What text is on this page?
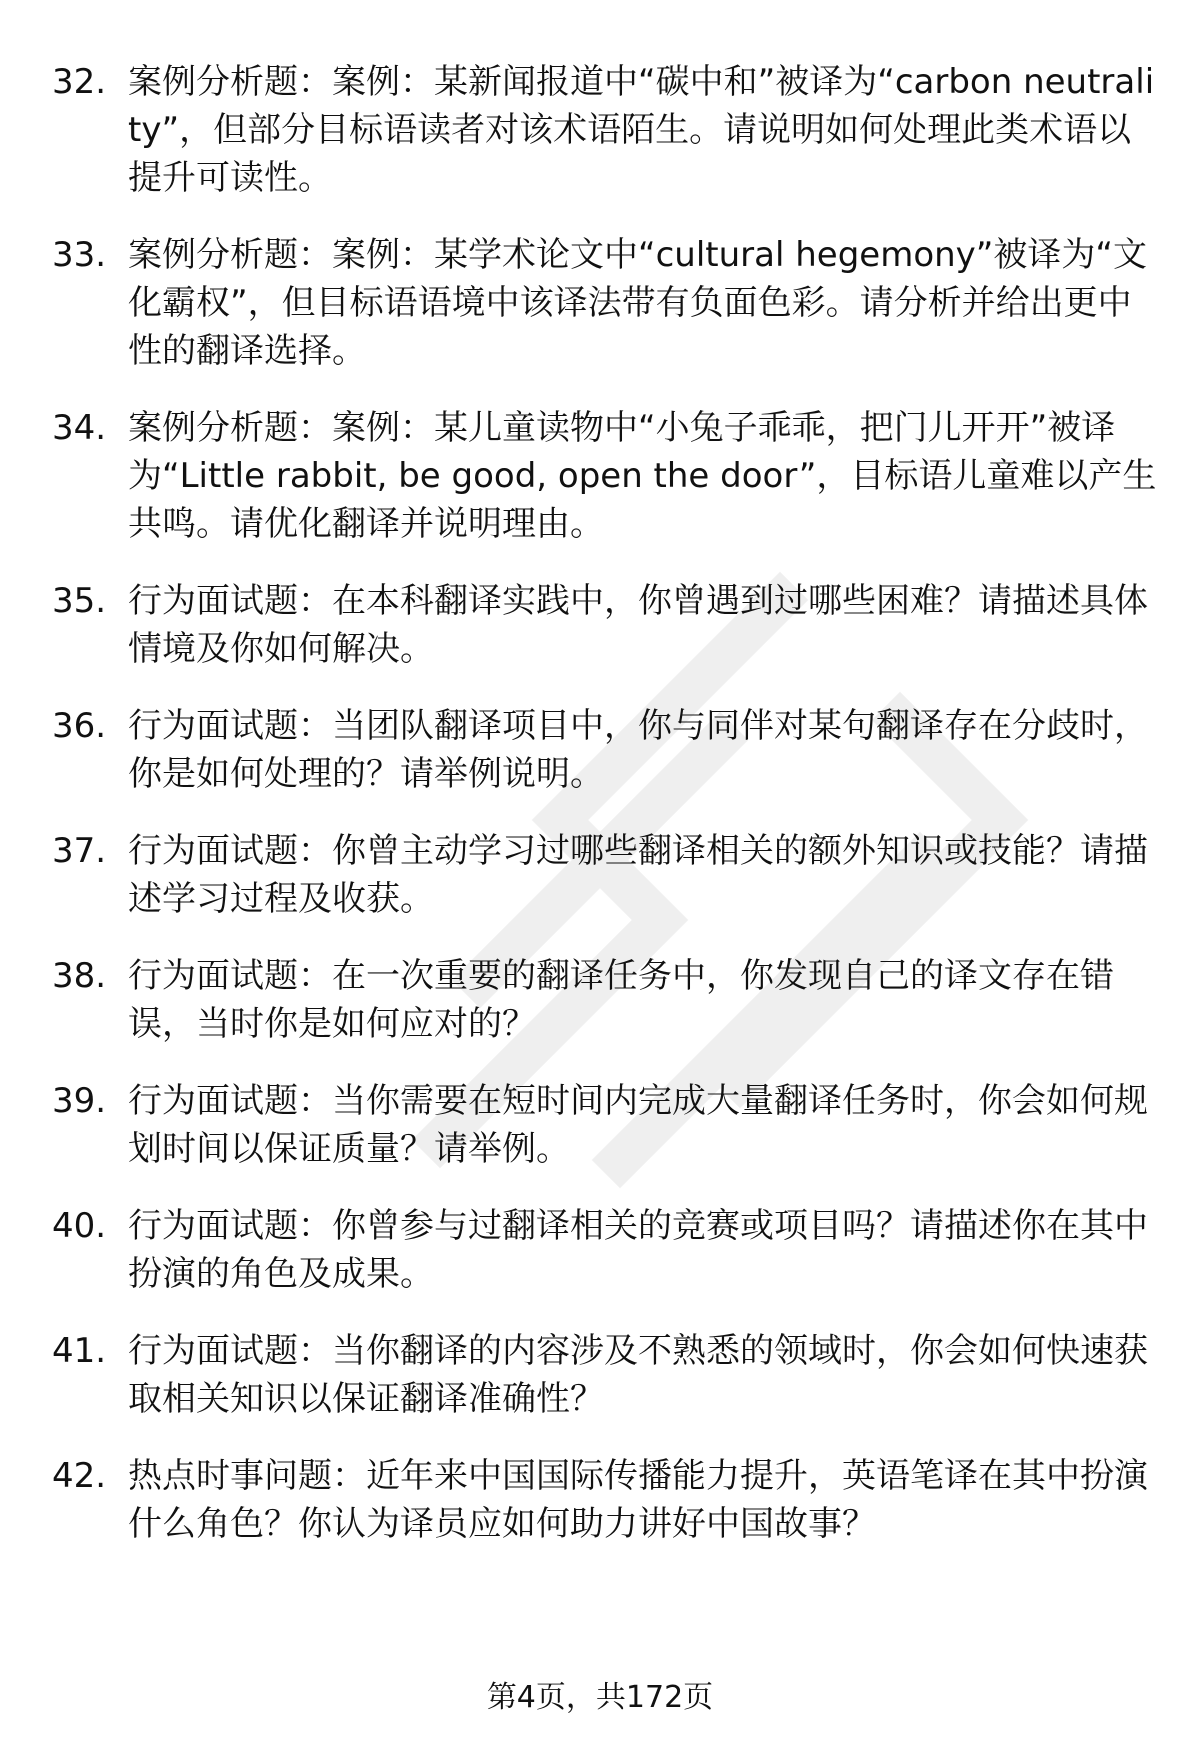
32. 案例分析题：案例：某新闻报道中“碳中和”被译为“carbon neutrality”，但部分目标语读者对该术语陌生。请说明如何处理此类术语以提升可读性。
33. 案例分析题：案例：某学术论文中“cultural hegemony”被译为“文化霸权”，但目标语语境中该译法带有负面色彩。请分析并给出更中性的翻译选择。
34. 案例分析题：案例：某儿童读物中“小兔子乖乖，把门儿开开”被译为“Little rabbit, be good, open the door”，目标语儿童难以产生共鸣。请优化翻译并说明理由。
35. 行为面试题：在本科翻译实践中，你曾遇到过哪些困难？请描述具体情境及你如何解决。
36. 行为面试题：当团队翻译项目中，你与同伴对某句翻译存在分歧时，你是如何处理的？请举例说明。
37. 行为面试题：你曾主动学习过哪些翻译相关的额外知识或技能？请描述学习过程及收获。
38. 行为面试题：在一次重要的翻译任务中，你发现自己的译文存在错误，当时你是如何应对的？
39. 行为面试题：当你需要在短时间内完成大量翻译任务时，你会如何规划时间以保证质量？请举例。
40. 行为面试题：你曾参与过翻译相关的竞赛或项目吗？请描述你在其中扮演的角色及成果。
41. 行为面试题：当你翻译的内容涉及不熟悉的领域时，你会如何快速获取相关知识以保证翻译准确性？
42. 热点时事问题：近年来中国国际传播能力提升，英语笔译在其中扮演什么角色？你认为译员应如何助力讲好中国故事？
第4页，共172页
